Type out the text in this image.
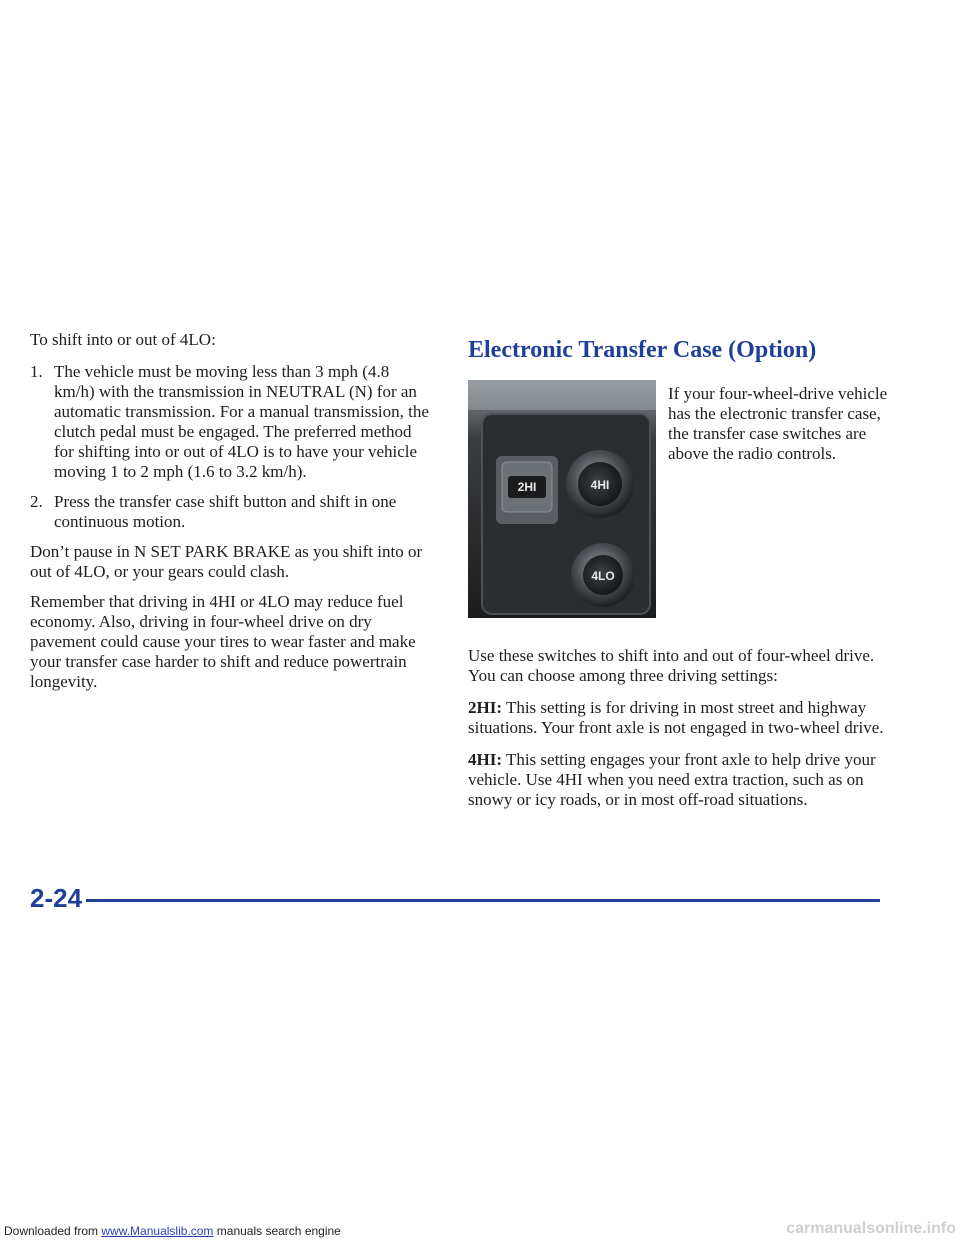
To shift into or out of 4LO:

1. The vehicle must be moving less than 3 mph (4.8 km/h) with the transmission in NEUTRAL (N) for an automatic transmission. For a manual transmission, the clutch pedal must be engaged. The preferred method for shifting into or out of 4LO is to have your vehicle moving 1 to 2 mph (1.6 to 3.2 km/h).
2. Press the transfer case shift button and shift in one continuous motion.

Don’t pause in N SET PARK BRAKE as you shift into or out of 4LO, or your gears could clash.

Remember that driving in 4HI or 4LO may reduce fuel economy. Also, driving in four-wheel drive on dry pavement could cause your tires to wear faster and make your transfer case harder to shift and reduce powertrain longevity.

Electronic Transfer Case (Option)
2HI	4HI
4LO
If your four-wheel-drive vehicle has the electronic transfer case, the transfer case switches are above the radio controls.

Use these switches to shift into and out of four-wheel drive. You can choose among three driving settings:

2HI: This setting is for driving in most street and highway situations. Your front axle is not engaged in two-wheel drive.

4HI: This setting engages your front axle to help drive your vehicle. Use 4HI when you need extra traction, such as on snowy or icy roads, or in most off-road situations.

2-24
Downloaded from www.Manualslib.com manuals search engine	carmanualsonline.info
